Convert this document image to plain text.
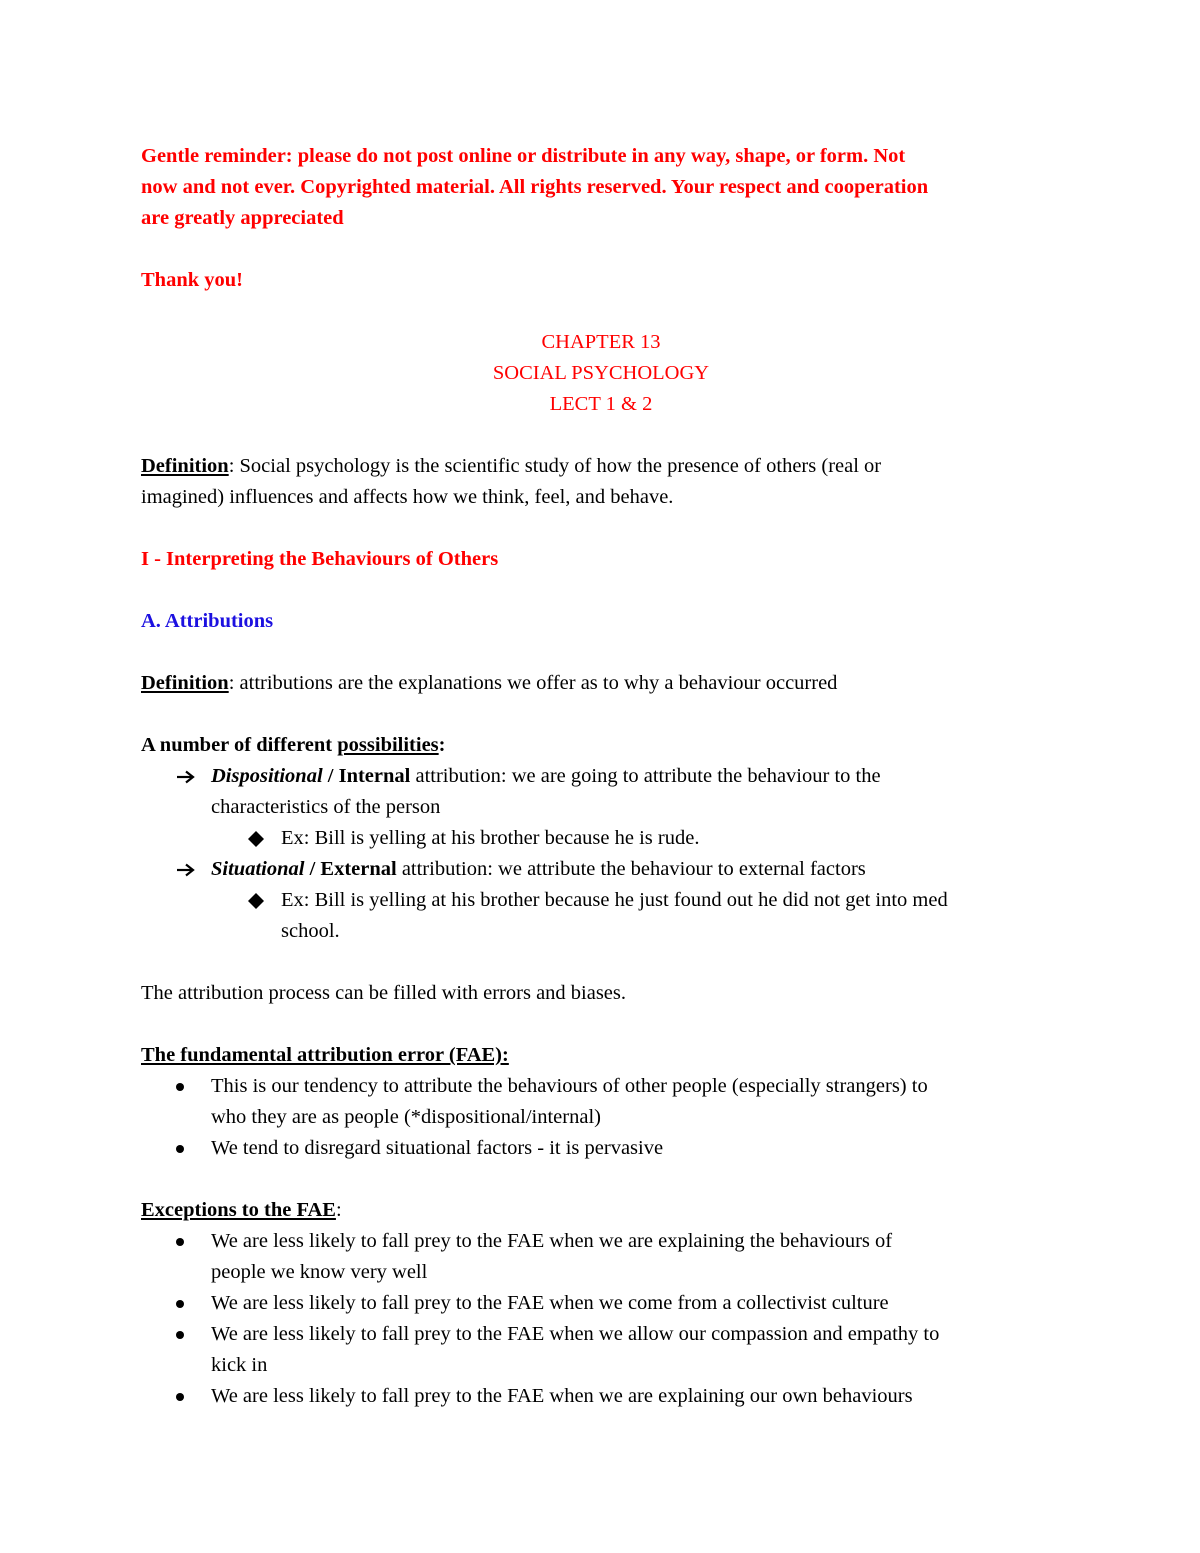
Gentle reminder: please do not post online or distribute in any way, shape, or form. Not
now and not ever. Copyrighted material. All rights reserved. Your respect and cooperation
are greatly appreciated
Thank you!
CHAPTER 13
SOCIAL PSYCHOLOGY
LECT 1 & 2
Definition: Social psychology is the scientific study of how the presence of others (real or
imagined) influences and affects how we think, feel, and behave.
I - Interpreting the Behaviours of Others
A. Attributions
Definition: attributions are the explanations we offer as to why a behaviour occurred
A number of different possibilities:
Dispositional / Internal attribution: we are going to attribute the behaviour to the
characteristics of the person
Ex: Bill is yelling at his brother because he is rude.
Situational / External attribution: we attribute the behaviour to external factors
Ex: Bill is yelling at his brother because he just found out he did not get into med
school.
The attribution process can be filled with errors and biases.
The fundamental attribution error (FAE):
This is our tendency to attribute the behaviours of other people (especially strangers) to
who they are as people (*dispositional/internal)
We tend to disregard situational factors - it is pervasive
Exceptions to the FAE:
We are less likely to fall prey to the FAE when we are explaining the behaviours of
people we know very well
We are less likely to fall prey to the FAE when we come from a collectivist culture
We are less likely to fall prey to the FAE when we allow our compassion and empathy to
kick in
We are less likely to fall prey to the FAE when we are explaining our own behaviours
